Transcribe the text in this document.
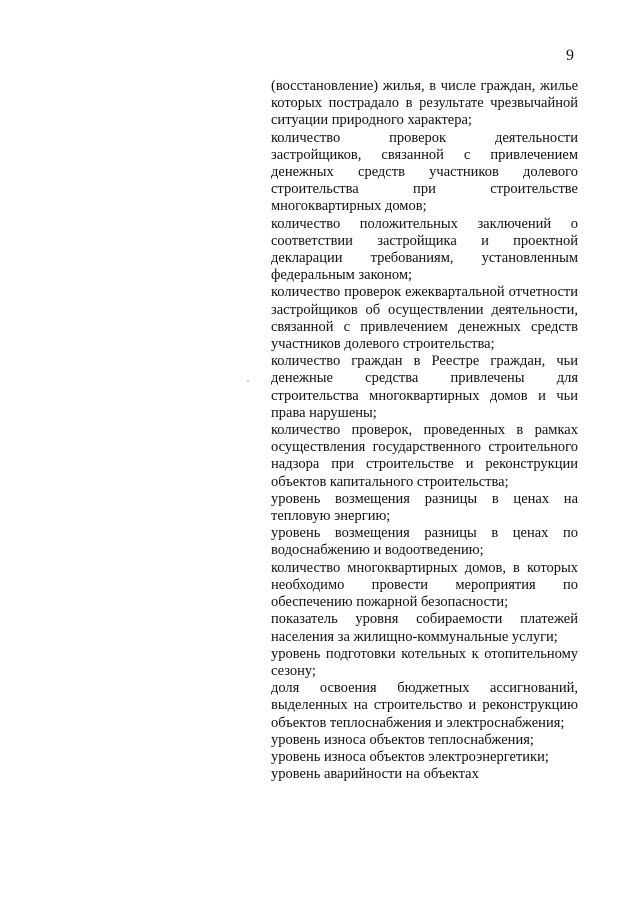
9

(восстановление) жилья, в числе граждан, жилье которых пострадало в результате чрезвычайной ситуации природного характера;

количество проверок деятельности застройщиков, связанной с привлечением денежных средств участников долевого строительства при строительстве многоквартирных домов;

количество положительных заключений о соответствии застройщика и проектной декларации требованиям, установленным федеральным законом;

количество проверок ежеквартальной отчетности застройщиков об осуществлении деятельности, связанной с привлечением денежных средств участников долевого строительства;

количество граждан в Реестре граждан, чьи денежные средства привлечены для строительства многоквартирных домов и чьи права нарушены;

количество проверок, проведенных в рамках осуществления государственного строительного надзора при строительстве и реконструкции объектов капитального строительства;

уровень возмещения разницы в ценах на тепловую энергию;

уровень возмещения разницы в ценах по водоснабжению и водоотведению;

количество многоквартирных домов, в которых необходимо провести мероприятия по обеспечению пожарной безопасности;

показатель уровня собираемости платежей населения за жилищно-коммунальные услуги;

уровень подготовки котельных к отопительному сезону;

доля освоения бюджетных ассигнований, выделенных на строительство и реконструкцию объектов теплоснабжения и электроснабжения;

уровень износа объектов теплоснабжения;

уровень износа объектов электроэнергетики;

уровень аварийности на объектах
